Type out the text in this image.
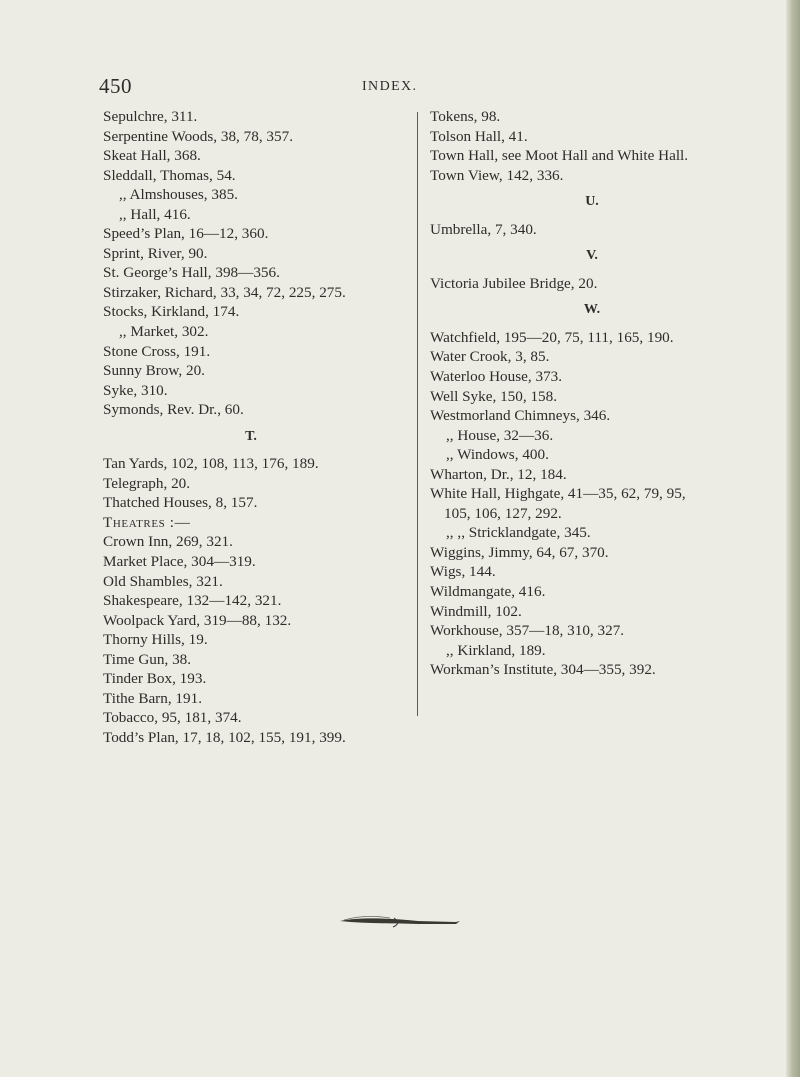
450	INDEX.
Sepulchre, 311.
Serpentine Woods, 38, 78, 357.
Skeat Hall, 368.
Sleddall, Thomas, 54.
,, Almshouses, 385.
,, Hall, 416.
Speed’s Plan, 16—12, 360.
Sprint, River, 90.
St. George’s Hall, 398—356.
Stirzaker, Richard, 33, 34, 72, 225, 275.
Stocks, Kirkland, 174.
,, Market, 302.
Stone Cross, 191.
Sunny Brow, 20.
Syke, 310.
Symonds, Rev. Dr., 60.
T.
Tan Yards, 102, 108, 113, 176, 189.
Telegraph, 20.
Thatched Houses, 8, 157.
Theatres :—
Crown Inn, 269, 321.
Market Place, 304—319.
Old Shambles, 321.
Shakespeare, 132—142, 321.
Woolpack Yard, 319—88, 132.
Thorny Hills, 19.
Time Gun, 38.
Tinder Box, 193.
Tithe Barn, 191.
Tobacco, 95, 181, 374.
Todd’s Plan, 17, 18, 102, 155, 191, 399.
Tokens, 98.
Tolson Hall, 41.
Town Hall, see Moot Hall and White Hall.
Town View, 142, 336.
U.
Umbrella, 7, 340.
V.
Victoria Jubilee Bridge, 20.
W.
Watchfield, 195—20, 75, 111, 165, 190.
Water Crook, 3, 85.
Waterloo House, 373.
Well Syke, 150, 158.
Westmorland Chimneys, 346.
,, House, 32—36.
,, Windows, 400.
Wharton, Dr., 12, 184.
White Hall, Highgate, 41—35, 62, 79, 95,
105, 106, 127, 292.
,, ,, Stricklandgate, 345.
Wiggins, Jimmy, 64, 67, 370.
Wigs, 144.
Wildmangate, 416.
Windmill, 102.
Workhouse, 357—18, 310, 327.
,, Kirkland, 189.
Workman’s Institute, 304—355, 392.
